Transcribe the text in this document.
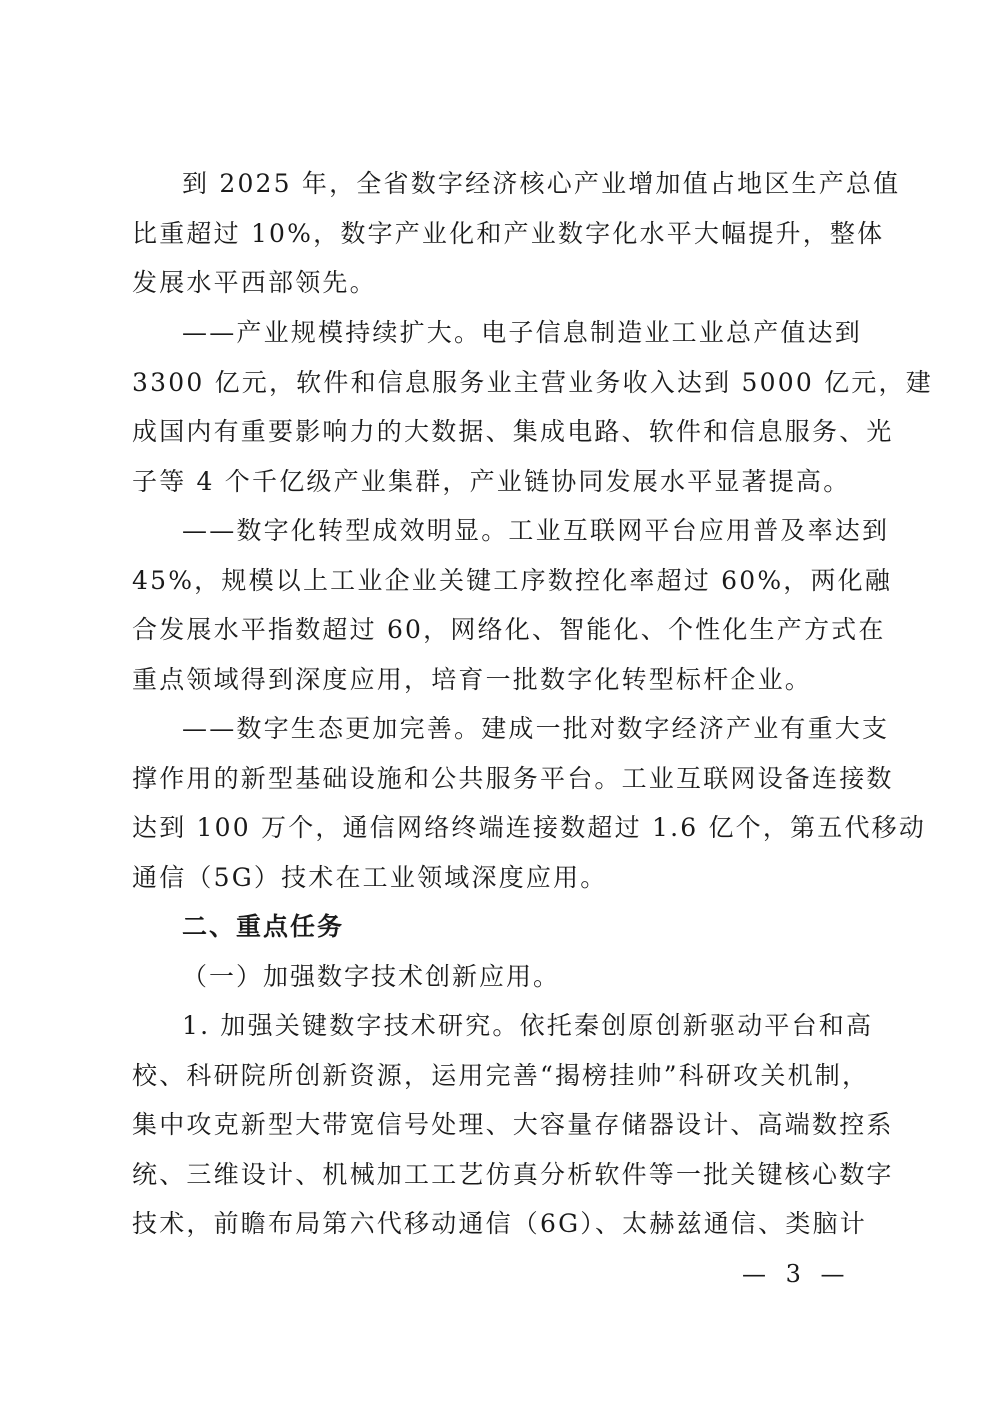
到 2025 年，全省数字经济核心产业增加值占地区生产总值
比重超过 10%，数字产业化和产业数字化水平大幅提升，整体
发展水平西部领先。
——产业规模持续扩大。电子信息制造业工业总产值达到
3300 亿元，软件和信息服务业主营业务收入达到 5000 亿元，建
成国内有重要影响力的大数据、集成电路、软件和信息服务、光
子等 4 个千亿级产业集群，产业链协同发展水平显著提高。
——数字化转型成效明显。工业互联网平台应用普及率达到
45%，规模以上工业企业关键工序数控化率超过 60%，两化融
合发展水平指数超过 60，网络化、智能化、个性化生产方式在
重点领域得到深度应用，培育一批数字化转型标杆企业。
——数字生态更加完善。建成一批对数字经济产业有重大支
撑作用的新型基础设施和公共服务平台。工业互联网设备连接数
达到 100 万个，通信网络终端连接数超过 1.6 亿个，第五代移动
通信（5G）技术在工业领域深度应用。
二、重点任务
（一）加强数字技术创新应用。
1. 加强关键数字技术研究。依托秦创原创新驱动平台和高
校、科研院所创新资源，运用完善“揭榜挂帅”科研攻关机制，
集中攻克新型大带宽信号处理、大容量存储器设计、高端数控系
统、三维设计、机械加工工艺仿真分析软件等一批关键核心数字
技术，前瞻布局第六代移动通信（6G）、太赫兹通信、类脑计
— 3 —
